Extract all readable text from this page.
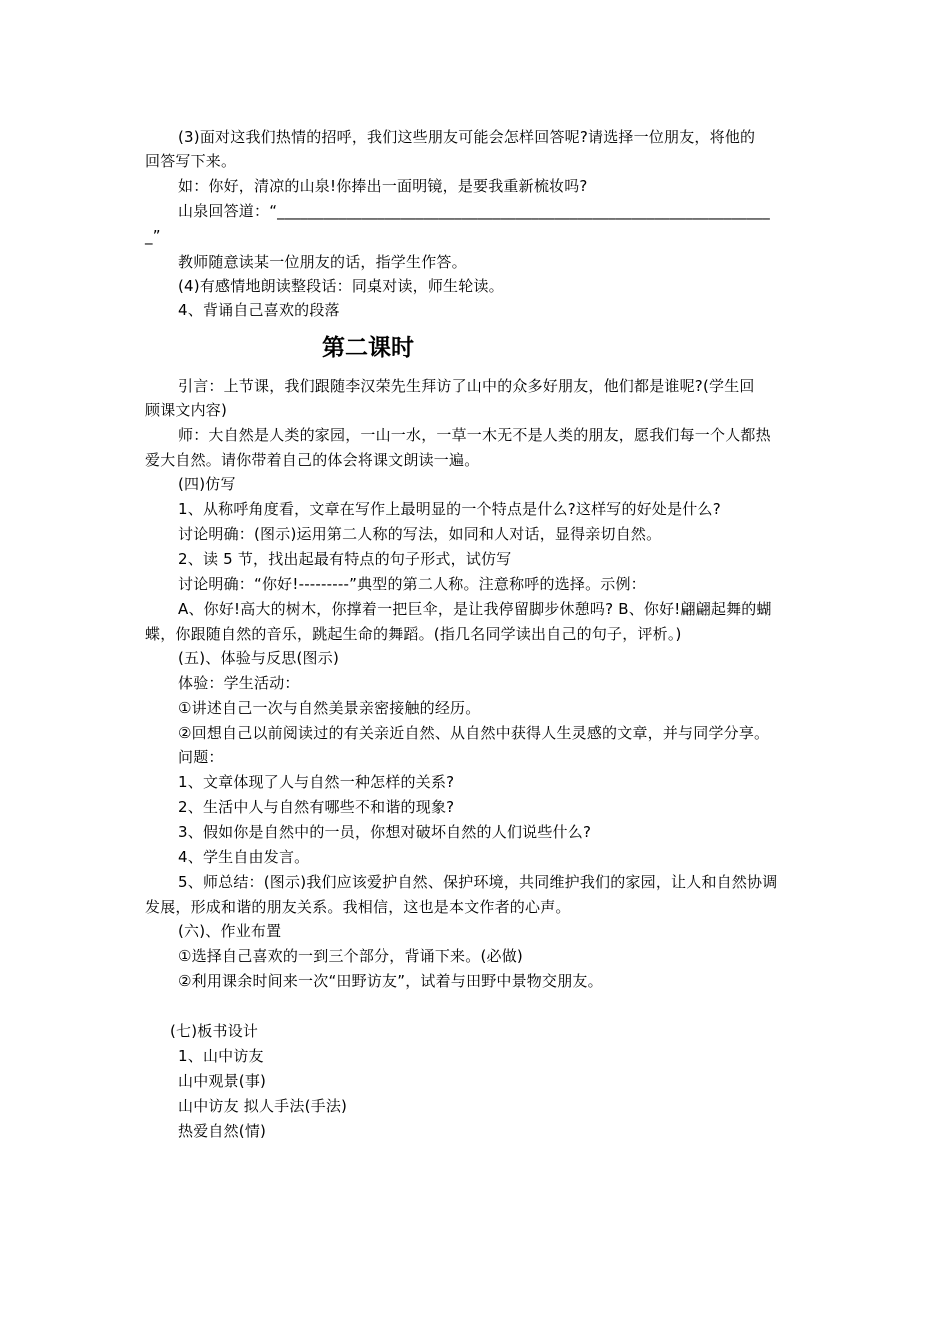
(3)面对这我们热情的招呼，我们这些朋友可能会怎样回答呢?请选择一位朋友，将他的
回答写下来。
如：你好，清凉的山泉!你捧出一面明镜，是要我重新梳妆吗?
山泉回答道：“________________________________________________________________
_”
教师随意读某一位朋友的话，指学生作答。
(4)有感情地朗读整段话：同桌对读，师生轮读。
4、背诵自己喜欢的段落
第二课时
引言：上节课，我们跟随李汉荣先生拜访了山中的众多好朋友，他们都是谁呢?(学生回
顾课文内容)
师：大自然是人类的家园，一山一水，一草一木无不是人类的朋友，愿我们每一个人都热
爱大自然。请你带着自己的体会将课文朗读一遍。
(四)仿写
1、从称呼角度看，文章在写作上最明显的一个特点是什么?这样写的好处是什么?
讨论明确：(图示)运用第二人称的写法，如同和人对话，显得亲切自然。
2、读 5 节，找出起最有特点的句子形式，试仿写
讨论明确：“你好!---------”典型的第二人称。注意称呼的选择。示例：
A、你好!高大的树木，你撑着一把巨伞，是让我停留脚步休憩吗? B、你好!翩翩起舞的蝴
蝶，你跟随自然的音乐，跳起生命的舞蹈。(指几名同学读出自己的句子，评析。)
(五)、体验与反思(图示)
体验：学生活动：
①讲述自己一次与自然美景亲密接触的经历。
②回想自己以前阅读过的有关亲近自然、从自然中获得人生灵感的文章，并与同学分享。
问题：
1、文章体现了人与自然一种怎样的关系?
2、生活中人与自然有哪些不和谐的现象?
3、假如你是自然中的一员，你想对破坏自然的人们说些什么?
4、学生自由发言。
5、师总结：(图示)我们应该爱护自然、保护环境，共同维护我们的家园，让人和自然协调
发展，形成和谐的朋友关系。我相信，这也是本文作者的心声。
(六)、作业布置
①选择自己喜欢的一到三个部分，背诵下来。(必做)
②利用课余时间来一次“田野访友”，试着与田野中景物交朋友。
(七)板书设计
1、山中访友
山中观景(事)
山中访友 拟人手法(手法)
热爱自然(情)
